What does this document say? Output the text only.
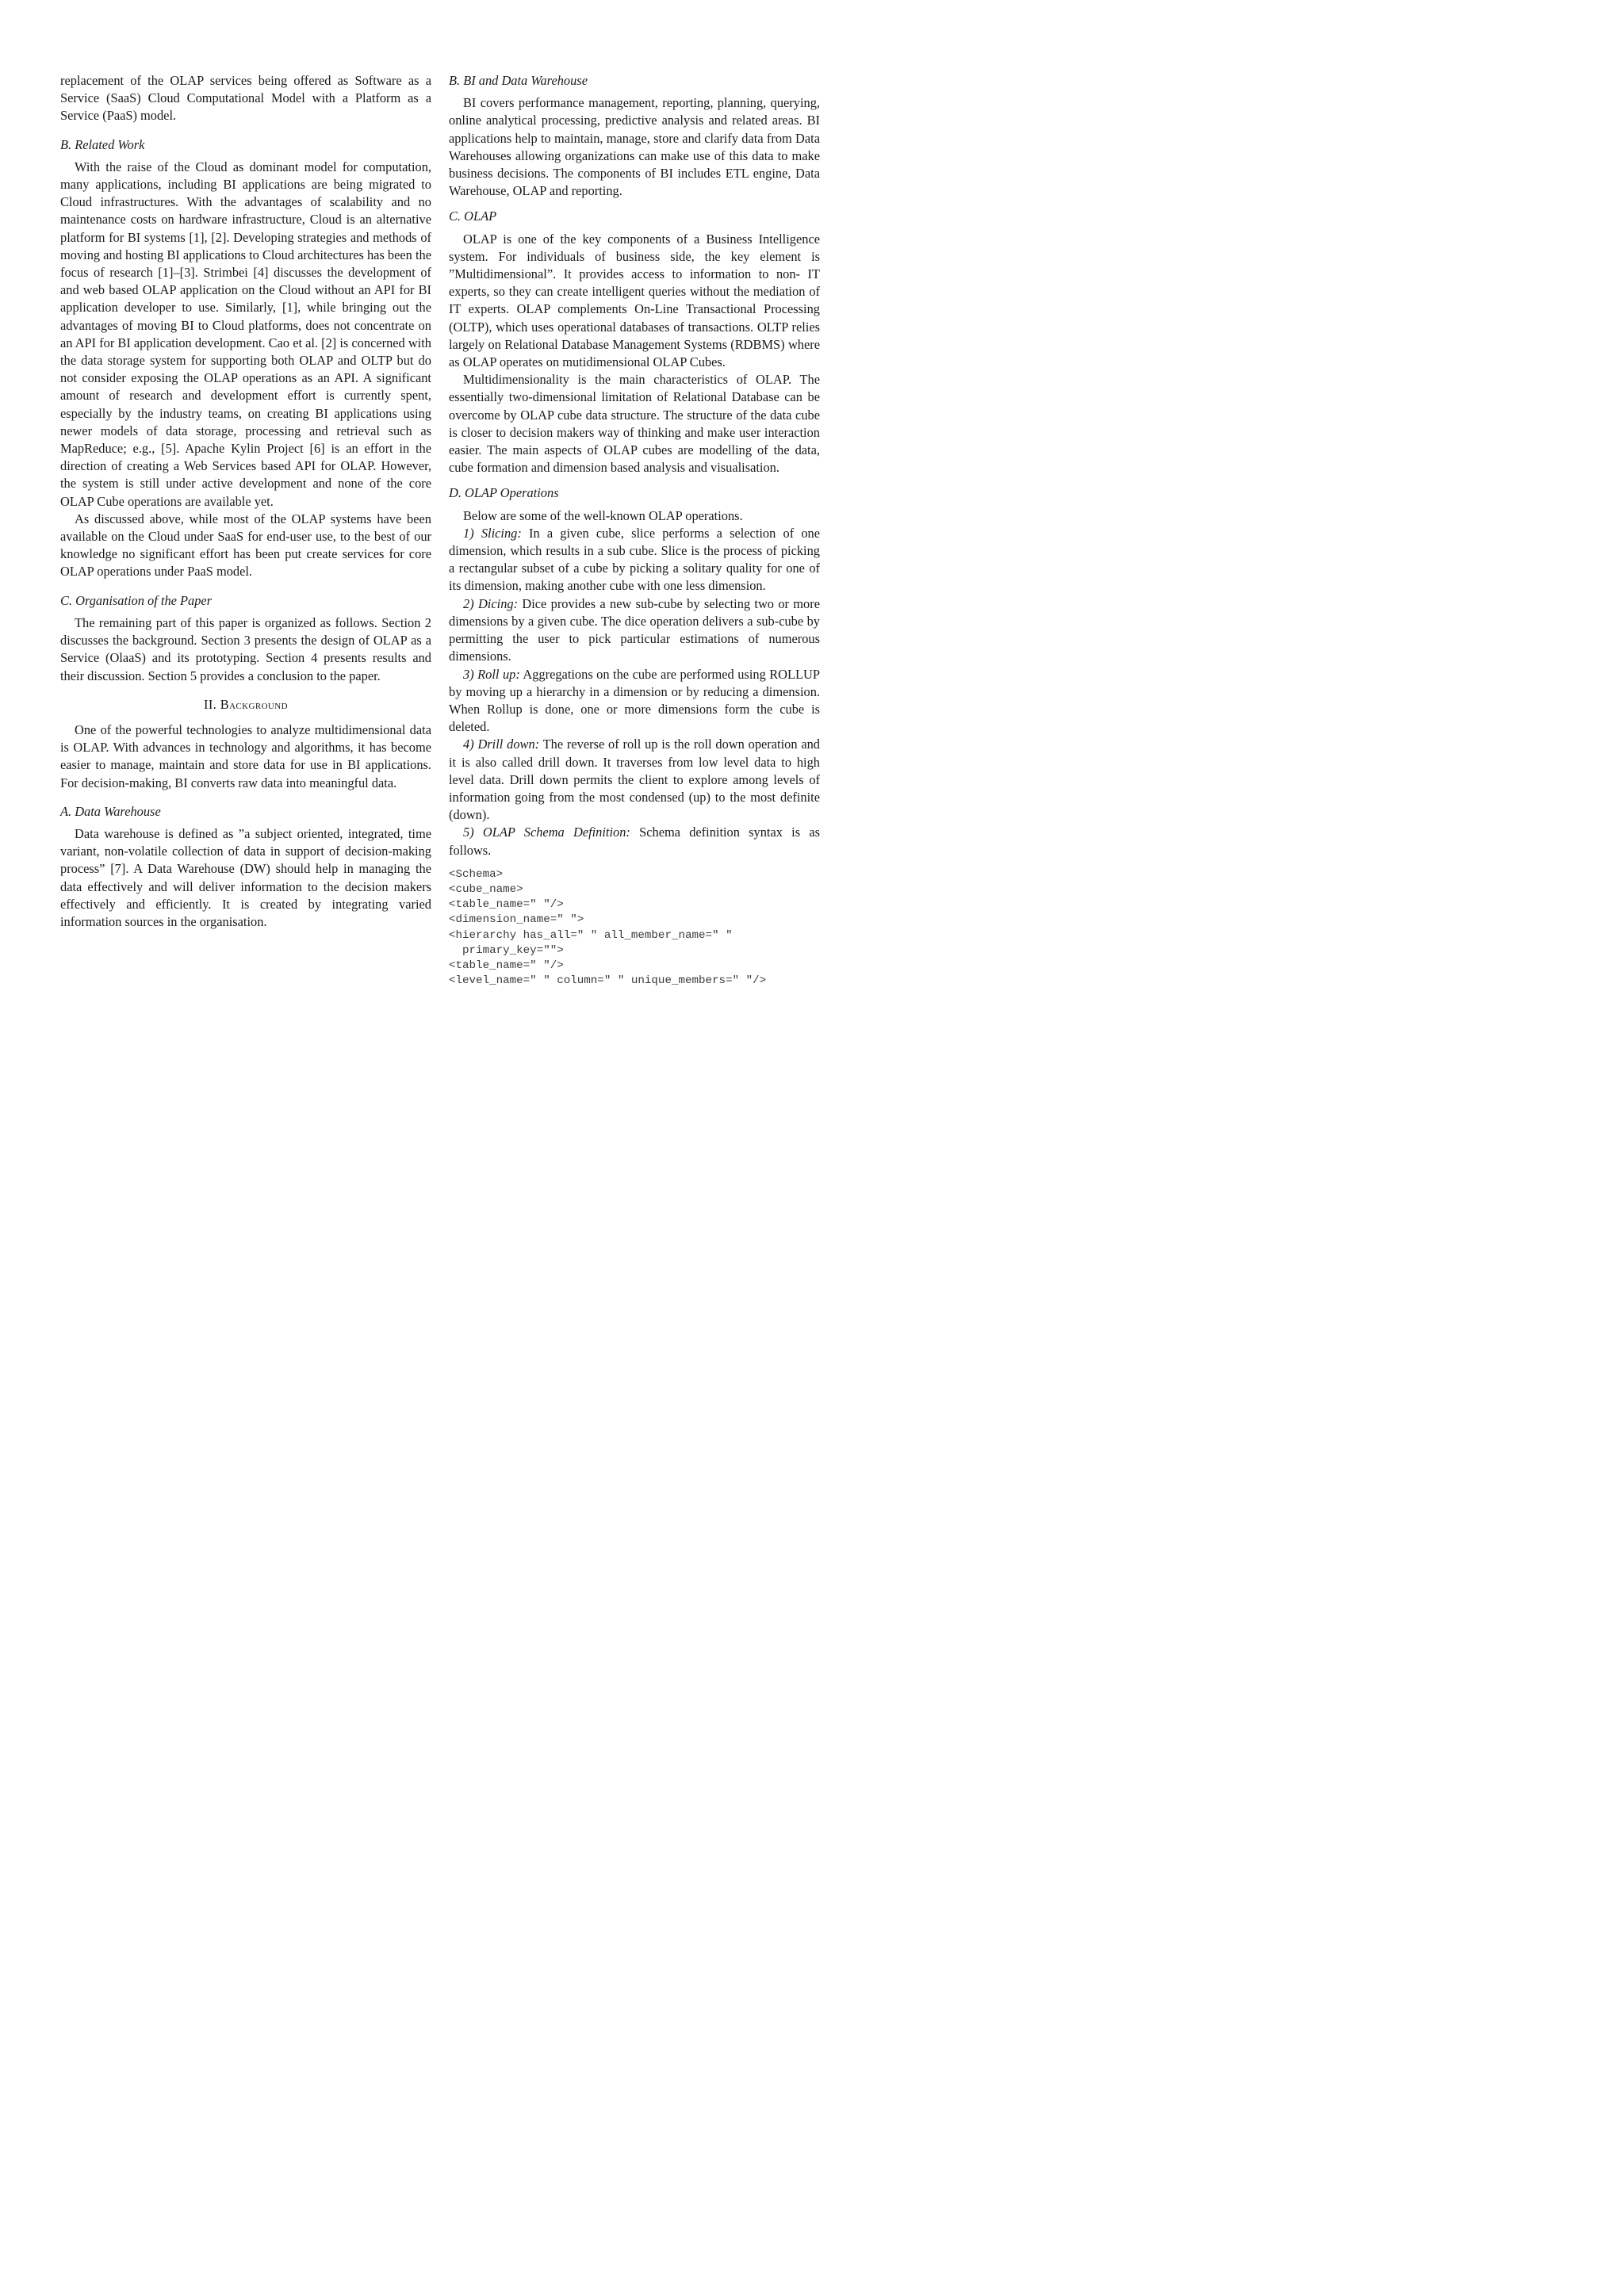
replacement of the OLAP services being offered as Software as a Service (SaaS) Cloud Computational Model with a Platform as a Service (PaaS) model.

B. Related Work

With the raise of the Cloud as dominant model for computation, many applications, including BI applications are being migrated to Cloud infrastructures. With the advantages of scalability and no maintenance costs on hardware infrastructure, Cloud is an alternative platform for BI systems [1], [2]. Developing strategies and methods of moving and hosting BI applications to Cloud architectures has been the focus of research [1]–[3]. Strimbei [4] discusses the development of and web based OLAP application on the Cloud without an API for BI application developer to use. Similarly, [1], while bringing out the advantages of moving BI to Cloud platforms, does not concentrate on an API for BI application development. Cao et al. [2] is concerned with the data storage system for supporting both OLAP and OLTP but do not consider exposing the OLAP operations as an API. A significant amount of research and development effort is currently spent, especially by the industry teams, on creating BI applications using newer models of data storage, processing and retrieval such as MapReduce; e.g., [5]. Apache Kylin Project [6] is an effort in the direction of creating a Web Services based API for OLAP. However, the system is still under active development and none of the core OLAP Cube operations are available yet.

As discussed above, while most of the OLAP systems have been available on the Cloud under SaaS for end-user use, to the best of our knowledge no significant effort has been put create services for core OLAP operations under PaaS model.

C. Organisation of the Paper

The remaining part of this paper is organized as follows. Section 2 discusses the background. Section 3 presents the design of OLAP as a Service (OlaaS) and its prototyping. Section 4 presents results and their discussion. Section 5 provides a conclusion to the paper.

II. Background

One of the powerful technologies to analyze multidimensional data is OLAP. With advances in technology and algorithms, it has become easier to manage, maintain and store data for use in BI applications. For decision-making, BI converts raw data into meaningful data.

A. Data Warehouse

Data warehouse is defined as ”a subject oriented, integrated, time variant, non-volatile collection of data in support of decision-making process” [7]. A Data Warehouse (DW) should help in managing the data effectively and will deliver information to the decision makers effectively and efficiently. It is created by integrating varied information sources in the organisation.

B. BI and Data Warehouse

BI covers performance management, reporting, planning, querying, online analytical processing, predictive analysis and related areas. BI applications help to maintain, manage, store and clarify data from Data Warehouses allowing organizations can make use of this data to make business decisions. The components of BI includes ETL engine, Data Warehouse, OLAP and reporting.

C. OLAP

OLAP is one of the key components of a Business Intelligence system. For individuals of business side, the key element is ”Multidimensional”. It provides access to information to non- IT experts, so they can create intelligent queries without the mediation of IT experts. OLAP complements On-Line Transactional Processing (OLTP), which uses operational databases of transactions. OLTP relies largely on Relational Database Management Systems (RDBMS) where as OLAP operates on mutidimensional OLAP Cubes.

Multidimensionality is the main characteristics of OLAP. The essentially two-dimensional limitation of Relational Database can be overcome by OLAP cube data structure. The structure of the data cube is closer to decision makers way of thinking and make user interaction easier. The main aspects of OLAP cubes are modelling of the data, cube formation and dimension based analysis and visualisation.

D. OLAP Operations

Below are some of the well-known OLAP operations.

1) Slicing: In a given cube, slice performs a selection of one dimension, which results in a sub cube. Slice is the process of picking a rectangular subset of a cube by picking a solitary quality for one of its dimension, making another cube with one less dimension.

2) Dicing: Dice provides a new sub-cube by selecting two or more dimensions by a given cube. The dice operation delivers a sub-cube by permitting the user to pick particular estimations of numerous dimensions.

3) Roll up: Aggregations on the cube are performed using ROLLUP by moving up a hierarchy in a dimension or by reducing a dimension. When Rollup is done, one or more dimensions form the cube is deleted.

4) Drill down: The reverse of roll up is the roll down operation and it is also called drill down. It traverses from low level data to high level data. Drill down permits the client to explore among levels of information going from the most condensed (up) to the most definite (down).

5) OLAP Schema Definition: Schema definition syntax is as follows.

<Schema>
<cube_name>
<table_name=" "/>
<dimension_name=" ">
<hierarchy has_all=" " all_member_name=" "
primary_key="">
<table_name=" "/>
<level_name=" " column=" " unique_members=" "/>
